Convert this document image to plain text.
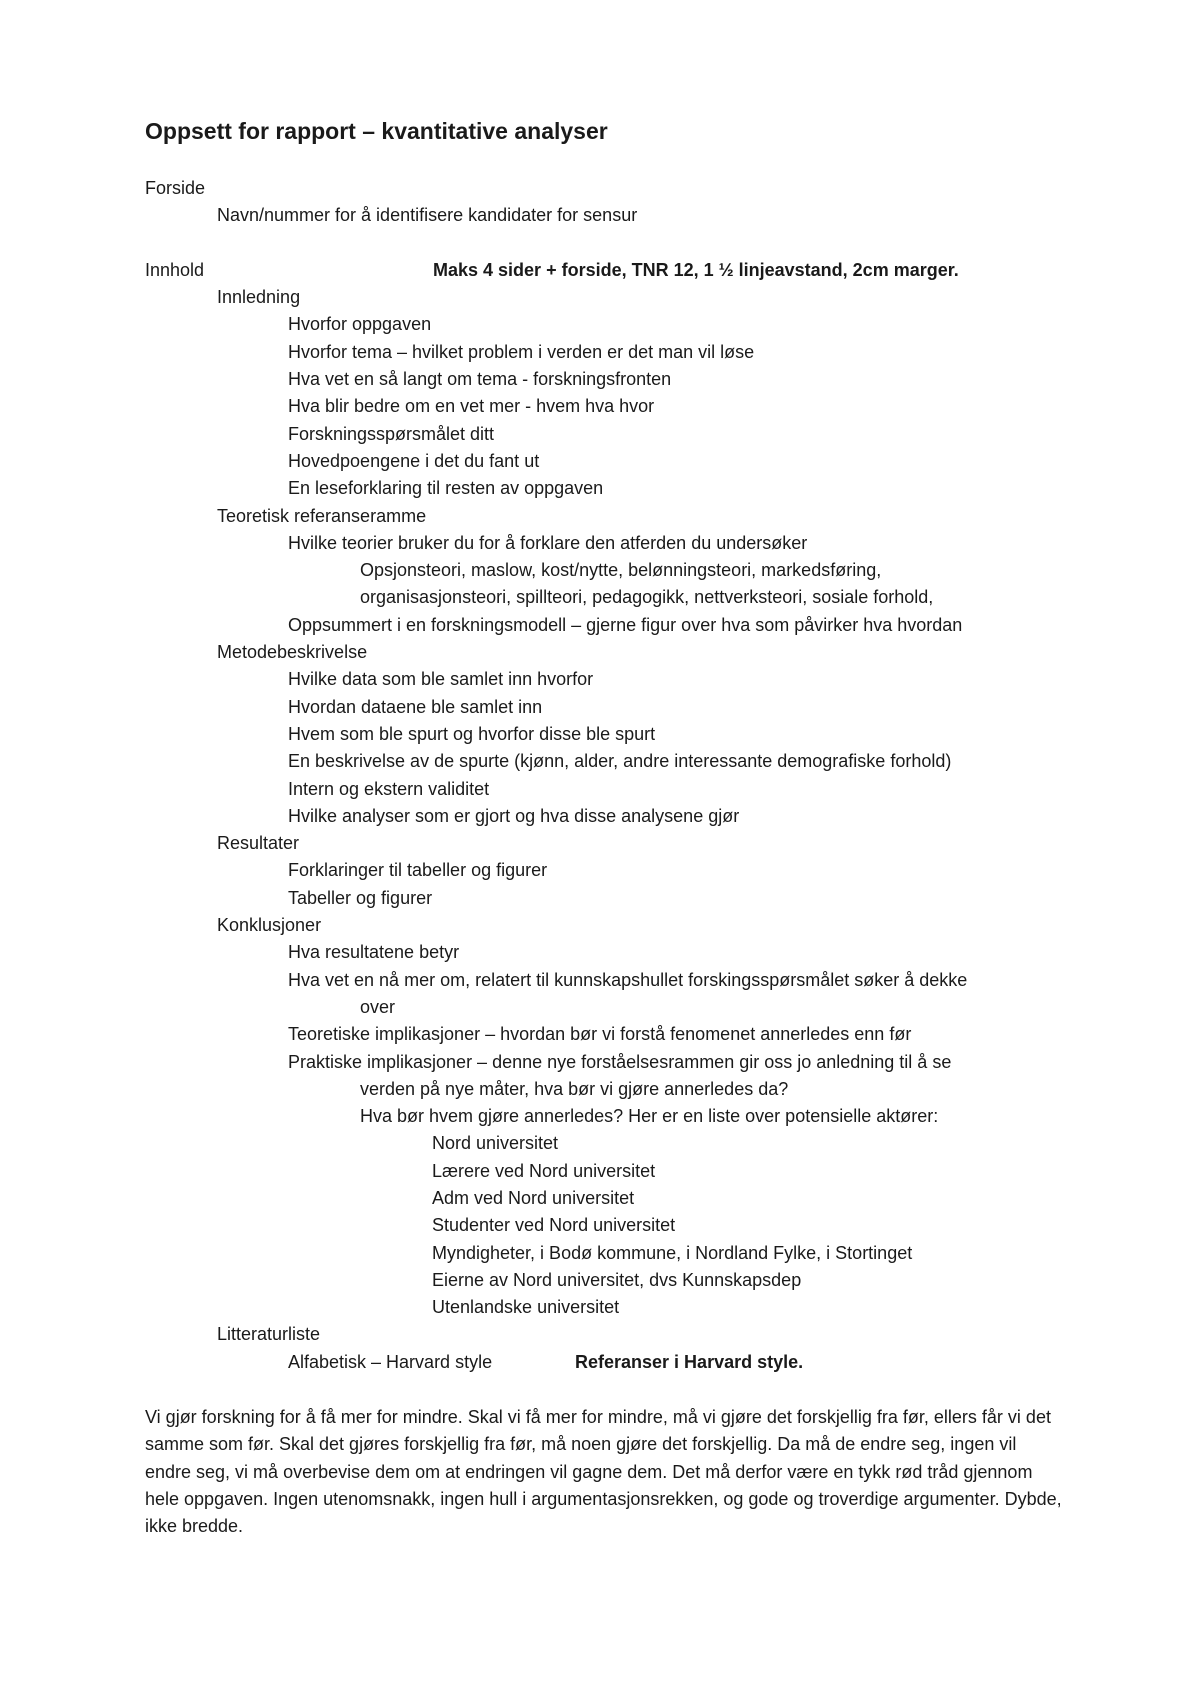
Oppsett for rapport – kvantitative analyser
Forside
Navn/nummer for å identifisere kandidater for sensur
Innhold	Maks 4 sider + forside, TNR 12, 1 ½ linjeavstand, 2cm marger.
Innledning
Hvorfor oppgaven
Hvorfor tema – hvilket problem i verden er det man vil løse
Hva vet en så langt om tema - forskningsfronten
Hva blir bedre om en vet mer - hvem hva hvor
Forskningsspørsmålet ditt
Hovedpoengene i det du fant ut
En leseforklaring til resten av oppgaven
Teoretisk referanseramme
Hvilke teorier bruker du for å forklare den atferden du undersøker
Opsjonsteori, maslow, kost/nytte, belønningsteori, markedsføring,
organisasjonsteori, spillteori, pedagogikk, nettverksteori, sosiale forhold,
Oppsummert i en forskningsmodell – gjerne figur over hva som påvirker hva hvordan
Metodebeskrivelse
Hvilke data som ble samlet inn hvorfor
Hvordan dataene ble samlet inn
Hvem som ble spurt og hvorfor disse ble spurt
En beskrivelse av de spurte (kjønn, alder, andre interessante demografiske forhold)
Intern og ekstern validitet
Hvilke analyser som er gjort og hva disse analysene gjør
Resultater
Forklaringer til tabeller og figurer
Tabeller og figurer
Konklusjoner
Hva resultatene betyr
Hva vet en nå mer om, relatert til kunnskapshullet forskingsspørsmålet søker å dekke
over
Teoretiske implikasjoner – hvordan bør vi forstå fenomenet annerledes enn før
Praktiske implikasjoner – denne nye forståelsesrammen gir oss jo anledning til å se
verden på nye måter, hva bør vi gjøre annerledes da?
Hva bør hvem gjøre annerledes? Her er en liste over potensielle aktører:
Nord universitet
Lærere ved Nord universitet
Adm ved Nord universitet
Studenter ved Nord universitet
Myndigheter, i Bodø kommune, i Nordland Fylke, i Stortinget
Eierne av Nord universitet, dvs Kunnskapsdep
Utenlandske universitet
Litteraturliste
Alfabetisk – Harvard style	Referanser i Harvard style.
Vi gjør forskning for å få mer for mindre. Skal vi få mer for mindre, må vi gjøre det forskjellig fra før, ellers får vi det samme som før. Skal det gjøres forskjellig fra før, må noen gjøre det forskjellig. Da må de endre seg, ingen vil endre seg, vi må overbevise dem om at endringen vil gagne dem. Det må derfor være en tykk rød tråd gjennom hele oppgaven. Ingen utenomsnakk, ingen hull i argumentasjonsrekken, og gode og troverdige argumenter. Dybde, ikke bredde.
